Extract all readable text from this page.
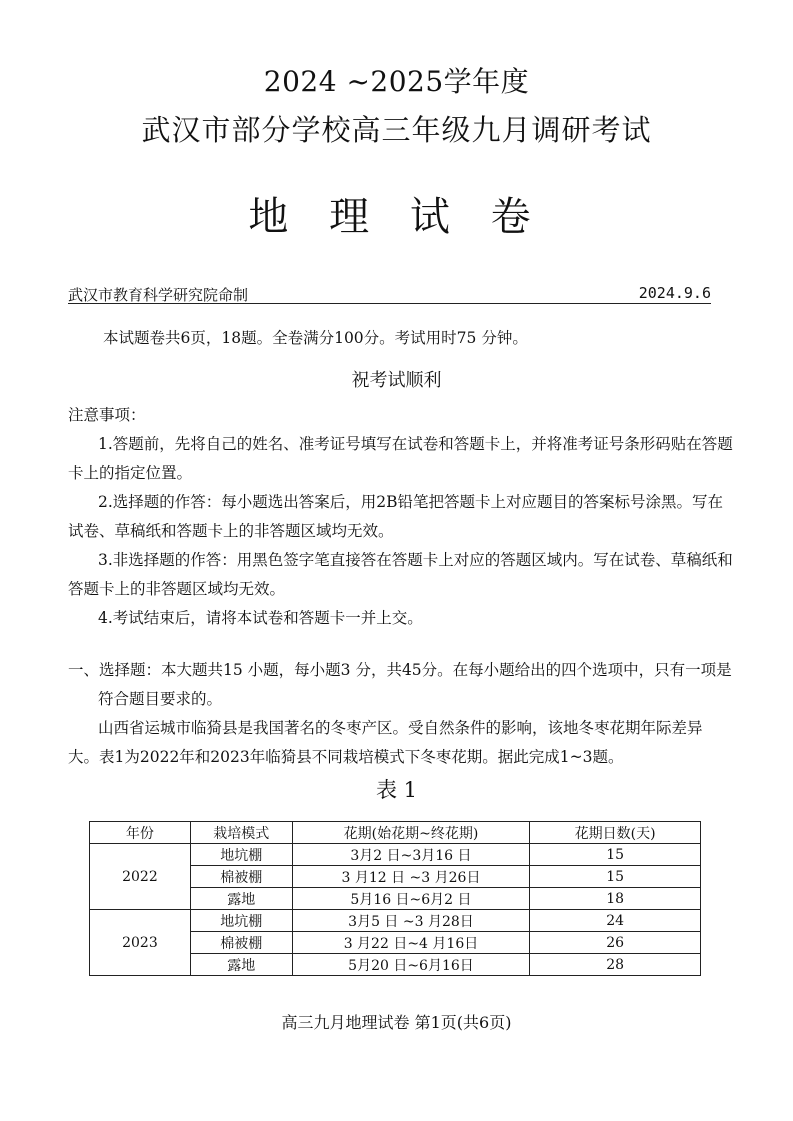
2024 ~2025学年度
武汉市部分学校高三年级九月调研考试
地 理 试 卷
武汉市教育科学研究院命制	2024.9.6
本试题卷共6页，18题。全卷满分100分。考试用时75 分钟。
祝考试顺利

注意事项：

1.答题前，先将自己的姓名、准考证号填写在试卷和答题卡上，并将准考证号条形码贴在答题卡上的指定位置。

2.选择题的作答：每小题选出答案后，用2B铅笔把答题卡上对应题目的答案标号涂黑。写在试卷、草稿纸和答题卡上的非答题区域均无效。

3.非选择题的作答：用黑色签字笔直接答在答题卡上对应的答题区域内。写在试卷、草稿纸和答题卡上的非答题区域均无效。

4.考试结束后，请将本试卷和答题卡一并上交。

一、选择题：本大题共15 小题，每小题3 分，共45分。在每小题给出的四个选项中，只有一项是符合题目要求的。

山西省运城市临猗县是我国著名的冬枣产区。受自然条件的影响，该地冬枣花期年际差异大。表1为2022年和2023年临猗县不同栽培模式下冬枣花期。据此完成1~3题。

表 1
年份	栽培模式	花期(始花期~终花期)	花期日数(天)
2022	地坑棚	3月2 日~3月16 日	15
	棉被棚	3 月12 日 ~3 月26日	15
	露地	5月16 日~6月2 日	18
2023	地坑棚	3月5 日 ~3 月28日	24
	棉被棚	3 月22 日~4 月16日	26
	露地	5月20 日~6月16日	28
高三九月地理试卷 第1页(共6页)
